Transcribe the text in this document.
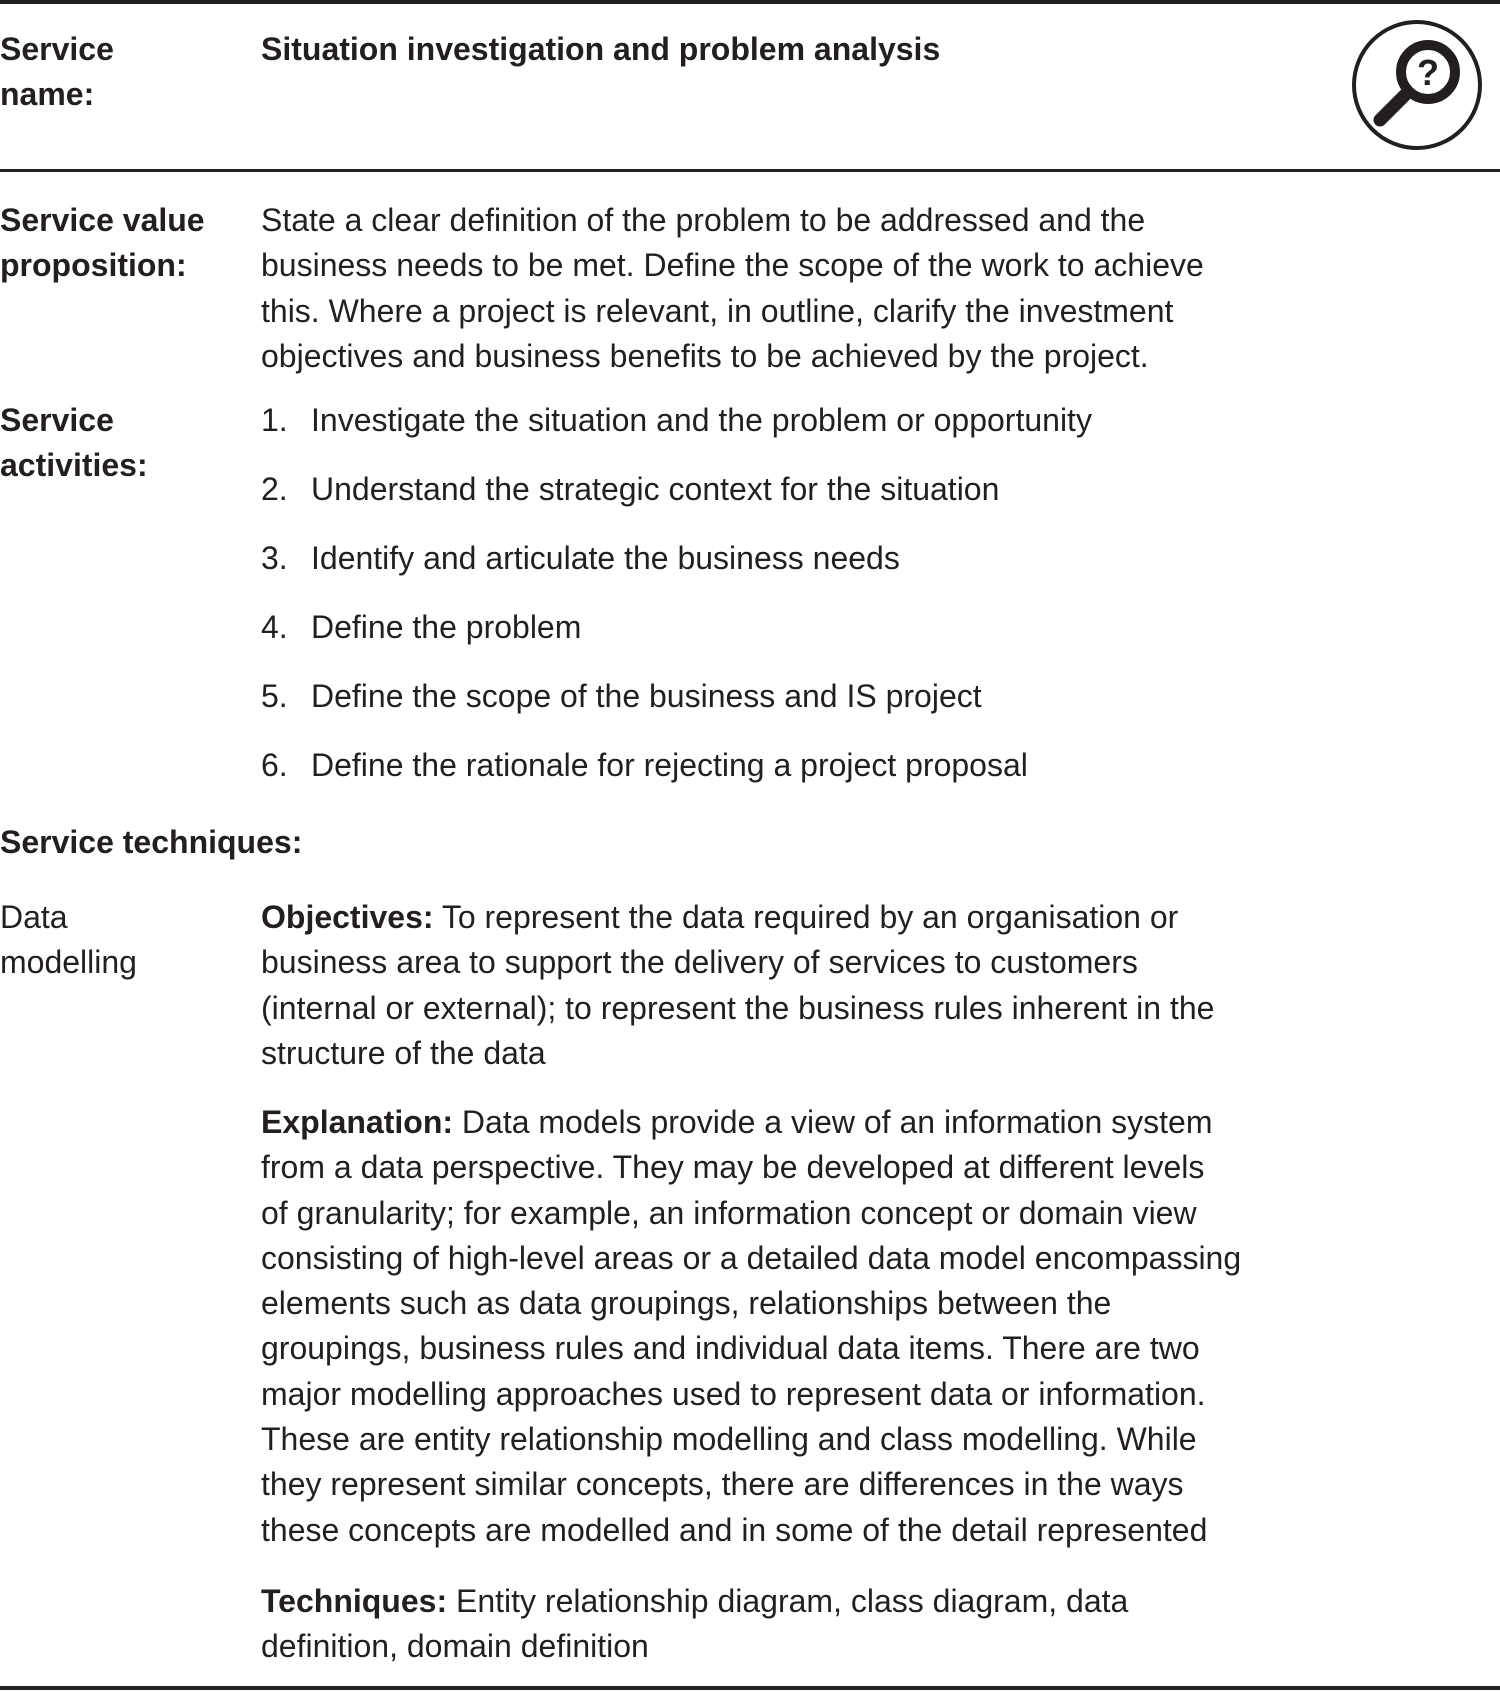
Service
name:
Situation investigation and problem analysis
?
Service value
proposition:
State a clear definition of the problem to be addressed and the
business needs to be met. Define the scope of the work to achieve
this. Where a project is relevant, in outline, clarify the investment
objectives and business benefits to be achieved by the project.
Service
activities:
1. Investigate the situation and the problem or opportunity
2. Understand the strategic context for the situation
3. Identify and articulate the business needs
4. Define the problem
5. Define the scope of the business and IS project
6. Define the rationale for rejecting a project proposal
Service techniques:
Data
modelling
Objectives: To represent the data required by an organisation or
business area to support the delivery of services to customers
(internal or external); to represent the business rules inherent in the
structure of the data
Explanation: Data models provide a view of an information system
from a data perspective. They may be developed at different levels
of granularity; for example, an information concept or domain view
consisting of high-level areas or a detailed data model encompassing
elements such as data groupings, relationships between the
groupings, business rules and individual data items. There are two
major modelling approaches used to represent data or information.
These are entity relationship modelling and class modelling. While
they represent similar concepts, there are differences in the ways
these concepts are modelled and in some of the detail represented
Techniques: Entity relationship diagram, class diagram, data
definition, domain definition
